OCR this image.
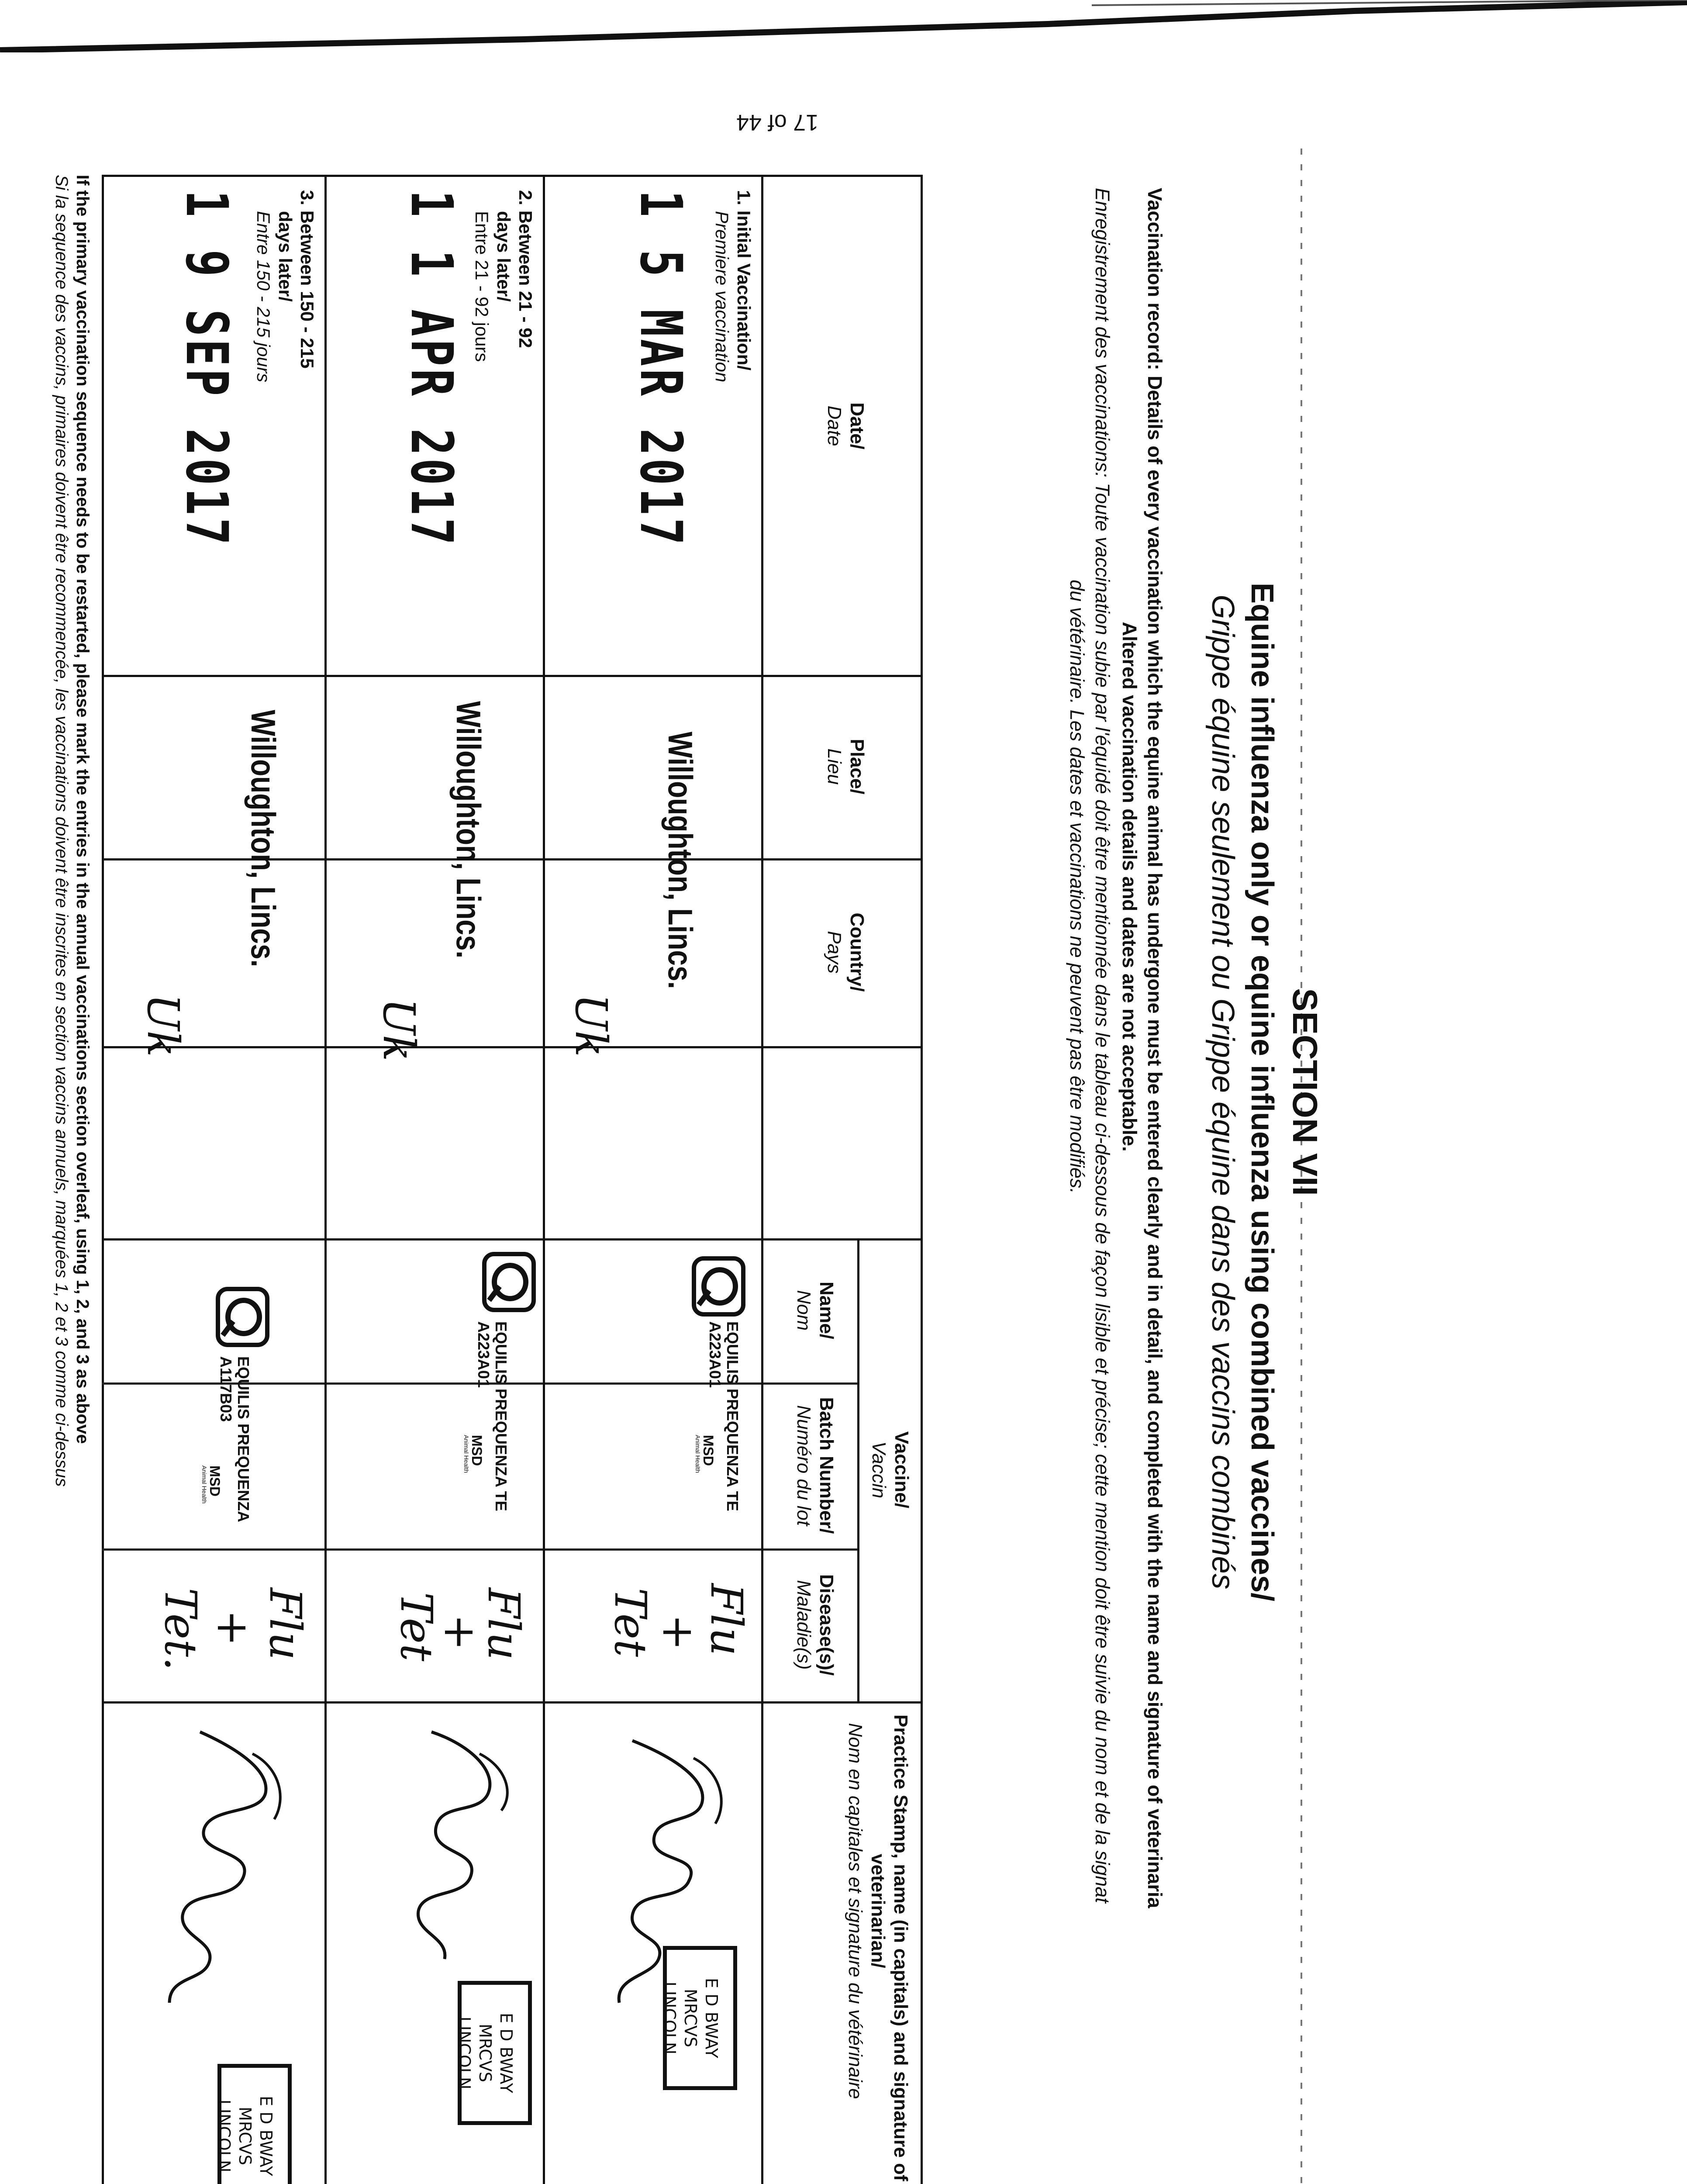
17 of 44
SECTION VII
Equine influenza only or equine influenza using combined vaccines/
Grippe équine seulement ou Grippe équine dans des vaccins combinés
Vaccination record: Details of every vaccination which the equine animal has undergone must be entered clearly and in detail, and completed with the name and signature of veterinaria
Altered vaccination details and dates are not acceptable.
Enregistrement des vaccinations: Toute vaccination subie par l'équidé doit être mentionnée dans le tableau ci-dessous de façon lisible et précise; cette mention doit être suivie du nom et de la signat
du vétérinaire. Les dates et vaccinations ne peuvent pas être modifiés.
Date/
Date
Place/
Lieu
Country/
Pays
Vaccine/
Vaccin
Name/
Nom
Batch Number/
Numéro du lot
Disease(s)/
Maladie(s)
Practice Stamp, name (in capitals) and signature of
veterinarian/
Nom en capitales et signature du vétérinaire
1. Initial Vaccination/
Premiere vaccination
1 5 MAR 2017
Willoughton, Lincs.
Uk
EQUILIS PREQUENZA TE
A223A01
MSD
Animal Health
Flu
+
Tet
E D BWAY MRCVS
LINCOLN
2. Between 21 - 92
days later/
Entre 21 - 92 jours
1 1 APR 2017
Willoughton, Lincs.
Uk
EQUILIS PREQUENZA TE
A223A01
MSD
Animal Health
Flu
+
Tet
E D BWAY MRCVS
LINCOLN
3. Between 150 - 215
days later/
Entre 150 - 215 jours
1 9 SEP 2017
Willoughton, Lincs.
Uk
EQUILIS PREQUENZA
A117B03
MSD
Animal Health
Flu
+
Tet.
E D BWAY MRCVS
LINCOLN
If the primary vaccination sequence needs to be restarted, please mark the entries in the annual vaccinations section overleaf, using 1, 2, and 3 as above
Si la sequence des vaccins, primaires doivent être recommencée, les vaccinations doivent être inscrites en section vaccins annuels, marquées 1, 2 et 3 comme ci-dessus
